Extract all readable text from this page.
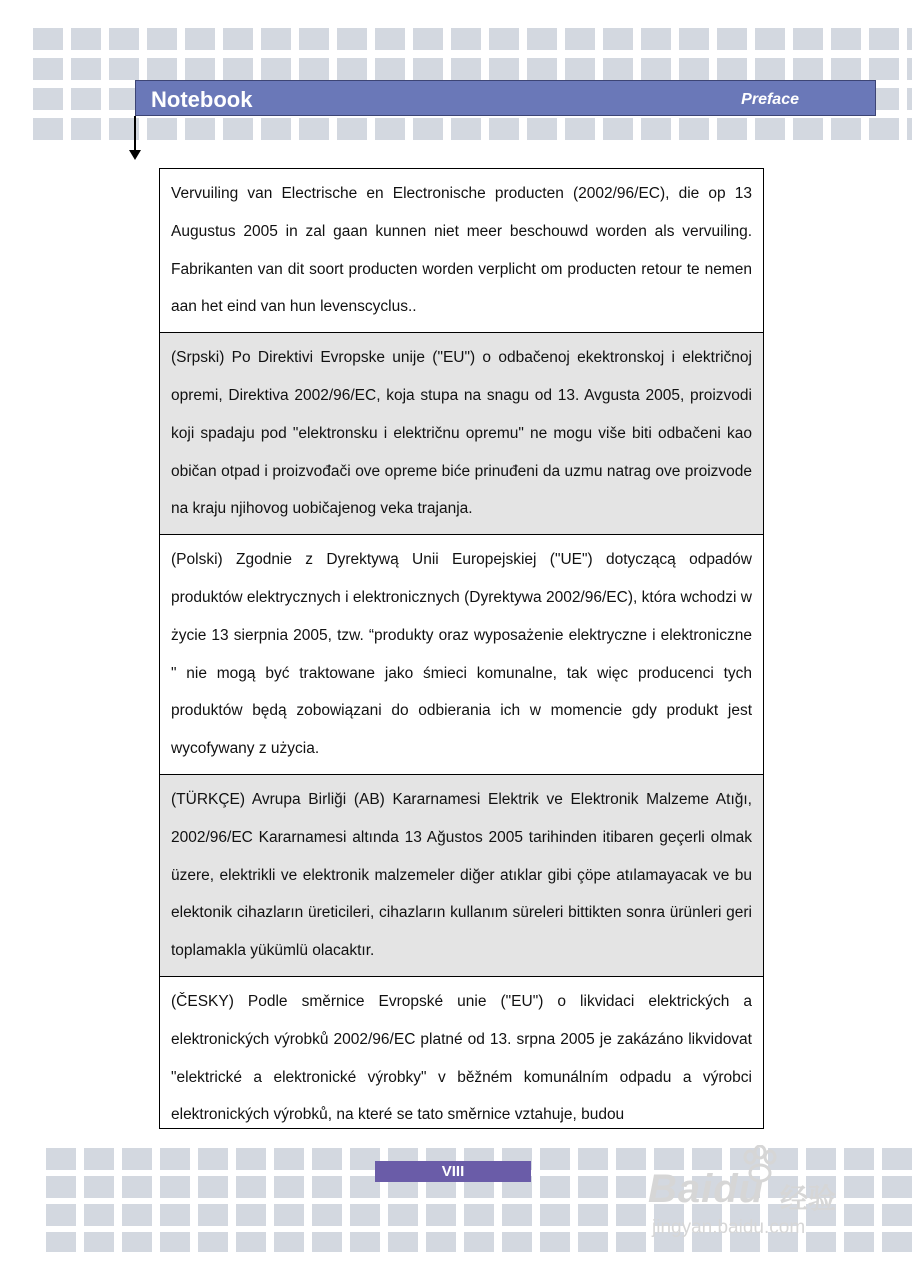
Notebook	Preface
Vervuiling van Electrische en Electronische producten (2002/96/EC), die op 13 Augustus 2005 in zal gaan kunnen niet meer beschouwd worden als vervuiling. Fabrikanten van dit soort producten worden verplicht om producten retour te nemen aan het eind van hun levenscyclus..
(Srpski) Po Direktivi Evropske unije ("EU") o odbačenoj ekektronskoj i električnoj opremi, Direktiva 2002/96/EC, koja stupa na snagu od 13. Avgusta 2005, proizvodi koji spadaju pod "elektronsku i električnu opremu" ne mogu više biti odbačeni kao običan otpad i proizvođači ove opreme biće prinuđeni da uzmu natrag ove proizvode na kraju njihovog uobičajenog veka trajanja.
(Polski) Zgodnie z Dyrektywą Unii Europejskiej ("UE") dotyczącą odpadów produktów elektrycznych i elektronicznych (Dyrektywa 2002/96/EC), która wchodzi w życie 13 sierpnia 2005, tzw. “produkty oraz wyposażenie elektryczne i elektroniczne " nie mogą być traktowane jako śmieci komunalne, tak więc producenci tych produktów będą zobowiązani do odbierania ich w momencie gdy produkt jest wycofywany z użycia.
(TÜRKÇE) Avrupa Birliği (AB) Kararnamesi Elektrik ve Elektronik Malzeme Atığı, 2002/96/EC Kararnamesi altında 13 Ağustos 2005 tarihinden itibaren geçerli olmak üzere, elektrikli ve elektronik malzemeler diğer atıklar gibi çöpe atılamayacak ve bu elektonik cihazların üreticileri, cihazların kullanım süreleri bittikten sonra ürünleri geri toplamakla yükümlü olacaktır.
(ČESKY) Podle směrnice Evropské unie ("EU") o likvidaci elektrických a elektronických výrobků 2002/96/EC platné od 13. srpna 2005 je zakázáno likvidovat "elektrické a elektronické výrobky" v běžném komunálním odpadu a výrobci elektronických výrobků, na které se tato směrnice vztahuje, budou
VIII	Baidu 经验
jingyan.baidu.com
